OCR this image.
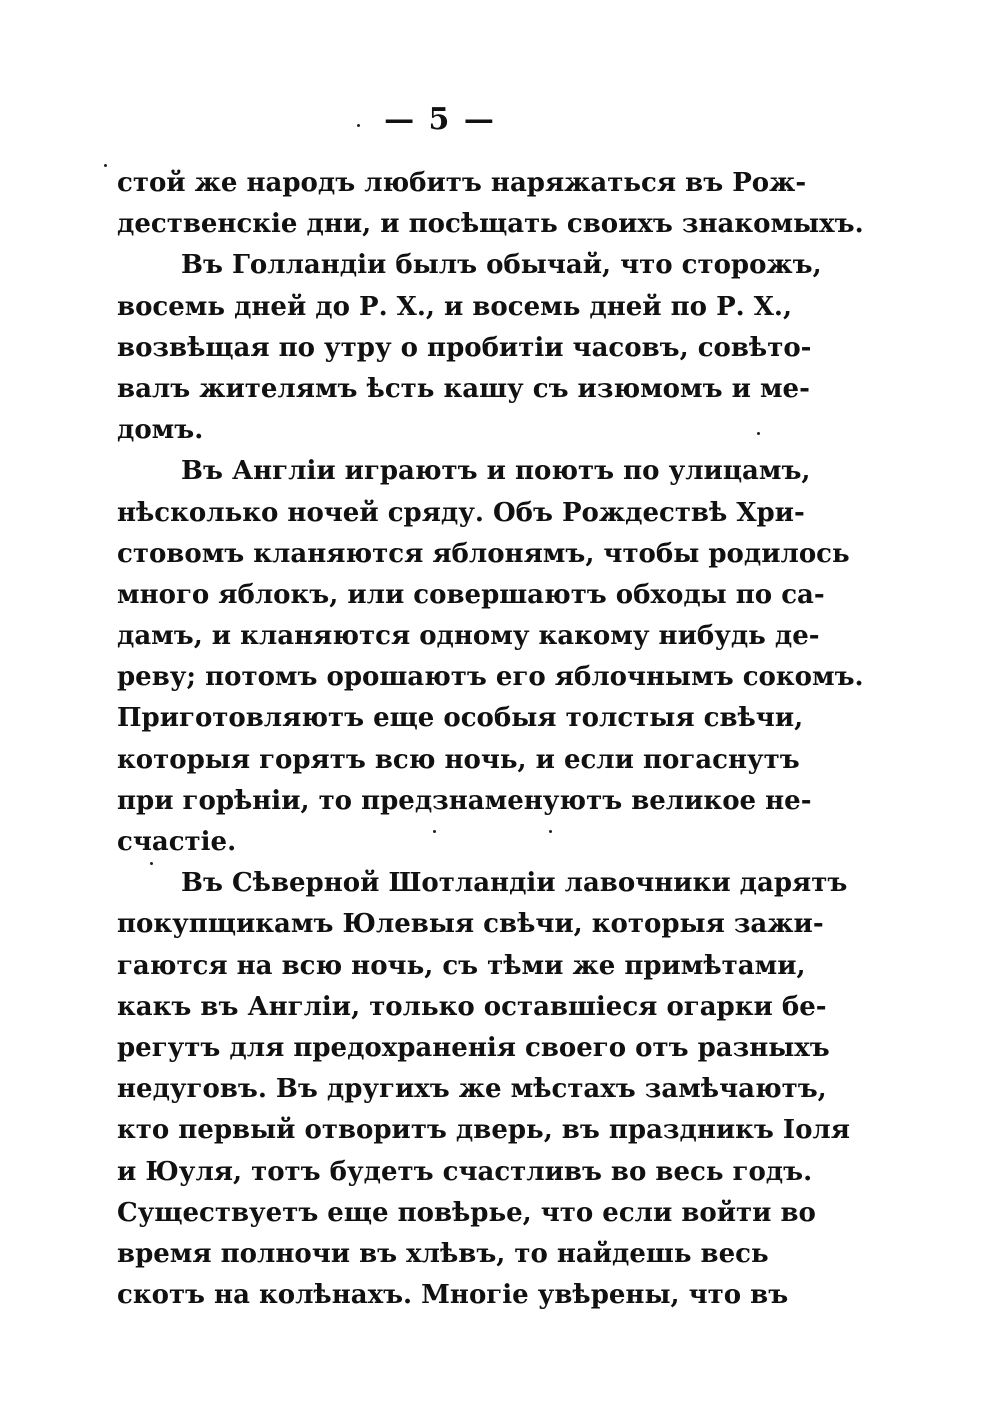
— 5 —
стой же народъ любитъ наряжаться въ Рож-
дественскіе дни, и посѣщать своихъ знакомыхъ.
Въ Голландіи былъ обычай, что сторожъ,
восемь дней до Р. Х., и восемь дней по Р. Х.,
возвѣщая по утру о пробитіи часовъ, совѣто-
валъ жителямъ ѣсть кашу съ изюмомъ и ме-
домъ.
Въ Англіи играютъ и поютъ по улицамъ,
нѣсколько ночей сряду. Объ Рождествѣ Хри-
стовомъ кланяются яблонямъ, чтобы родилось
много яблокъ, или совершаютъ обходы по са-
дамъ, и кланяются одному какому нибудь де-
реву; потомъ орошаютъ его яблочнымъ сокомъ.
Приготовляютъ еще особыя толстыя свѣчи,
которыя горятъ всю ночь, и если погаснутъ
при горѣніи, то предзнаменуютъ великое не-
счастіе.
Въ Сѣверной Шотландіи лавочники дарятъ
покупщикамъ Юлевыя свѣчи, которыя зажи-
гаются на всю ночь, съ тѣми же примѣтами,
какъ въ Англіи, только оставшіеся огарки бе-
регутъ для предохраненія своего отъ разныхъ
недуговъ. Въ другихъ же мѣстахъ замѣчаютъ,
кто первый отворитъ дверь, въ праздникъ Іоля
и Юуля, тотъ будетъ счастливъ во весь годъ.
Существуетъ еще повѣрье, что если войти во
время полночи въ хлѣвъ, то найдешь весь
скотъ на колѣнахъ. Многіе увѣрены, что въ
